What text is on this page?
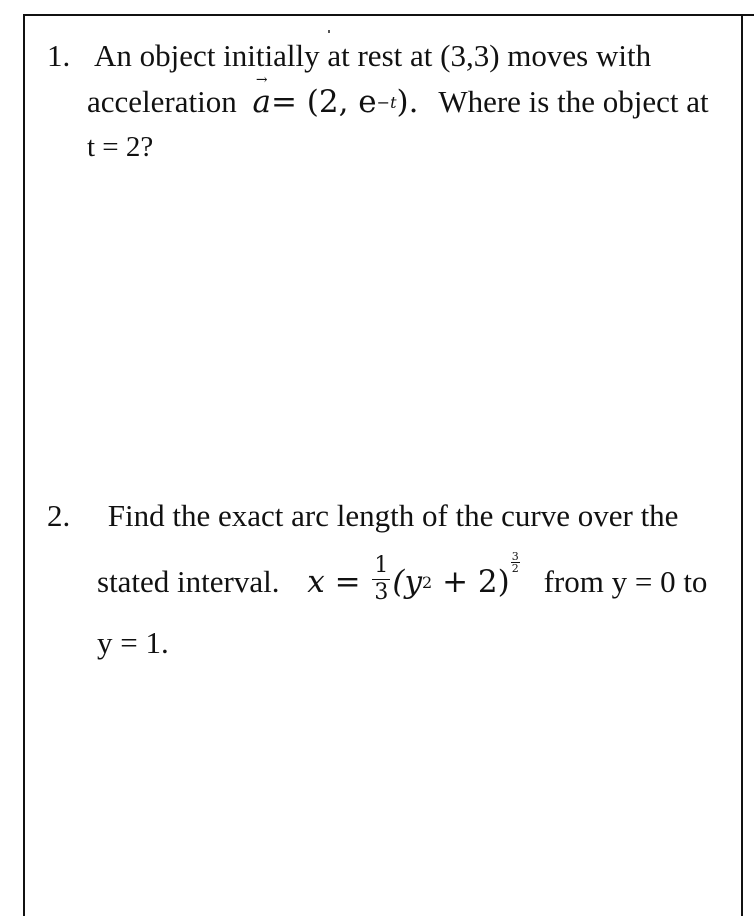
1. An object initially at rest at (3,3) moves with
acceleration
→
a= (2, $e^{-t}$). Where is the object at
t = 2?
2. Find the exact arc length of the curve over the
stated interval. $x = \frac{1}{3} (y^2 + 2)$
$\frac{3}{2}$
from y = 0 to
y = 1.
